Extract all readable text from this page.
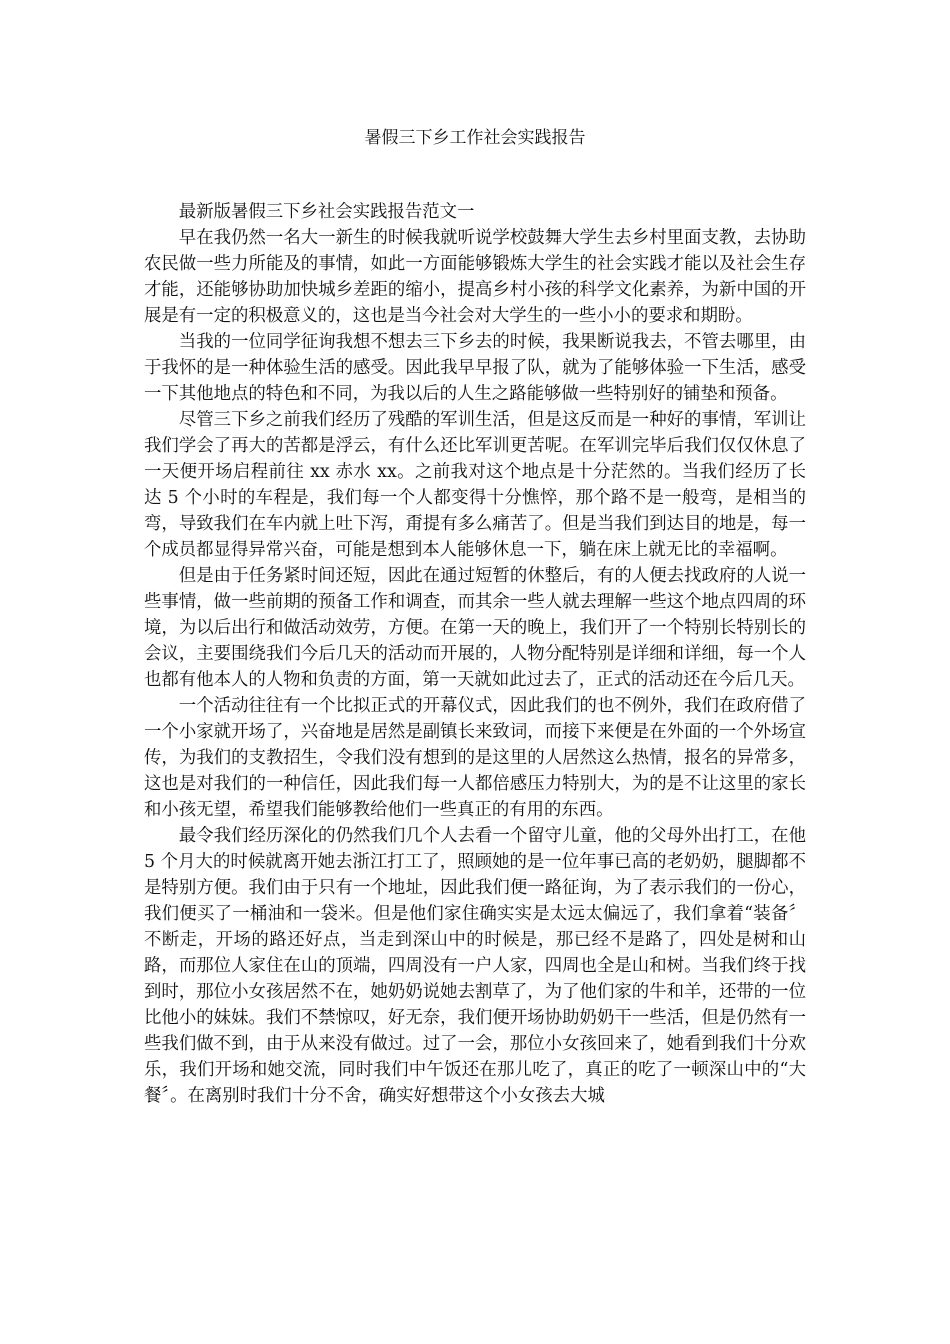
暑假三下乡工作社会实践报告

最新版暑假三下乡社会实践报告范文一

早在我仍然一名大一新生的时候我就听说学校鼓舞大学生去乡村里面支教，去协助农民做一些力所能及的事情，如此一方面能够锻炼大学生的社会实践才能以及社会生存才能，还能够协助加快城乡差距的缩小，提高乡村小孩的科学文化素养，为新中国的开展是有一定的积极意义的，这也是当今社会对大学生的一些小小的要求和期盼。

当我的一位同学征询我想不想去三下乡去的时候，我果断说我去，不管去哪里，由于我怀的是一种体验生活的感受。因此我早早报了队，就为了能够体验一下生活，感受一下其他地点的特色和不同，为我以后的人生之路能够做一些特别好的铺垫和预备。

尽管三下乡之前我们经历了残酷的军训生活，但是这反而是一种好的事情，军训让我们学会了再大的苦都是浮云，有什么还比军训更苦呢。在军训完毕后我们仅仅休息了一天便开场启程前往 xx 赤水 xx。之前我对这个地点是十分茫然的。当我们经历了长达 5 个小时的车程是，我们每一个人都变得十分憔悴，那个路不是一般弯，是相当的弯，导致我们在车内就上吐下泻，甭提有多么痛苦了。但是当我们到达目的地是，每一个成员都显得异常兴奋，可能是想到本人能够休息一下，躺在床上就无比的幸福啊。

但是由于任务紧时间还短，因此在通过短暂的休整后，有的人便去找政府的人说一些事情，做一些前期的预备工作和调查，而其余一些人就去理解一些这个地点四周的环境，为以后出行和做活动效劳，方便。在第一天的晚上，我们开了一个特别长特别长的会议，主要围绕我们今后几天的活动而开展的，人物分配特别是详细和详细，每一个人也都有他本人的人物和负责的方面，第一天就如此过去了，正式的活动还在今后几天。

一个活动往往有一个比拟正式的开幕仪式，因此我们的也不例外，我们在政府借了一个小家就开场了，兴奋地是居然是副镇长来致词，而接下来便是在外面的一个外场宣传，为我们的支教招生，令我们没有想到的是这里的人居然这么热情，报名的异常多，这也是对我们的一种信任，因此我们每一人都倍感压力特别大，为的是不让这里的家长和小孩无望，希望我们能够教给他们一些真正的有用的东西。

最令我们经历深化的仍然我们几个人去看一个留守儿童，他的父母外出打工，在他 5 个月大的时候就离开她去浙江打工了，照顾她的是一位年事已高的老奶奶，腿脚都不是特别方便。我们由于只有一个地址，因此我们便一路征询，为了表示我们的一份心，我们便买了一桶油和一袋米。但是他们家住确实实是太远太偏远了，我们拿着“装备〞不断走，开场的路还好点，当走到深山中的时候是，那已经不是路了，四处是树和山路，而那位人家住在山的顶端，四周没有一户人家，四周也全是山和树。当我们终于找到时，那位小女孩居然不在，她奶奶说她去割草了，为了他们家的牛和羊，还带的一位比他小的妹妹。我们不禁惊叹，好无奈，我们便开场协助奶奶干一些活，但是仍然有一些我们做不到，由于从来没有做过。过了一会，那位小女孩回来了，她看到我们十分欢乐，我们开场和她交流，同时我们中午饭还在那儿吃了，真正的吃了一顿深山中的“大餐〞。在离别时我们十分不舍，确实好想带这个小女孩去大城
